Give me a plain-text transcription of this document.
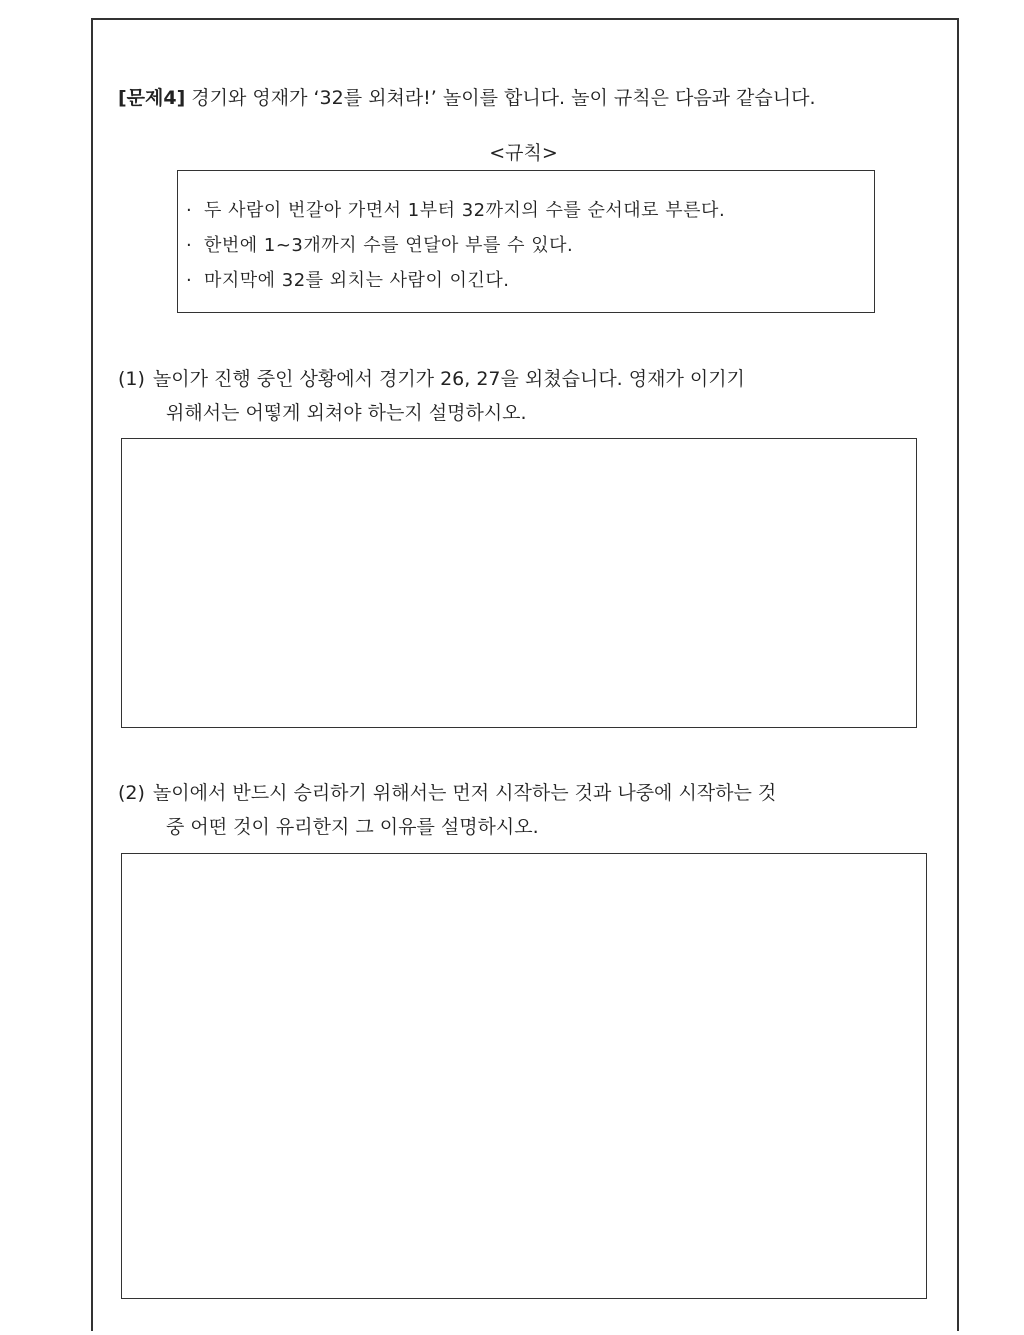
[문제4] 경기와 영재가 ‘32를 외쳐라!’ 놀이를 합니다. 놀이 규칙은 다음과 같습니다.
<규칙>
· 두 사람이 번갈아 가면서 1부터 32까지의 수를 순서대로 부른다.
· 한번에 1~3개까지 수를 연달아 부를 수 있다.
· 마지막에 32를 외치는 사람이 이긴다.
(1) 놀이가 진행 중인 상황에서 경기가 26, 27을 외쳤습니다. 영재가 이기기
위해서는 어떻게 외쳐야 하는지 설명하시오.
(2) 놀이에서 반드시 승리하기 위해서는 먼저 시작하는 것과 나중에 시작하는 것
중 어떤 것이 유리한지 그 이유를 설명하시오.
